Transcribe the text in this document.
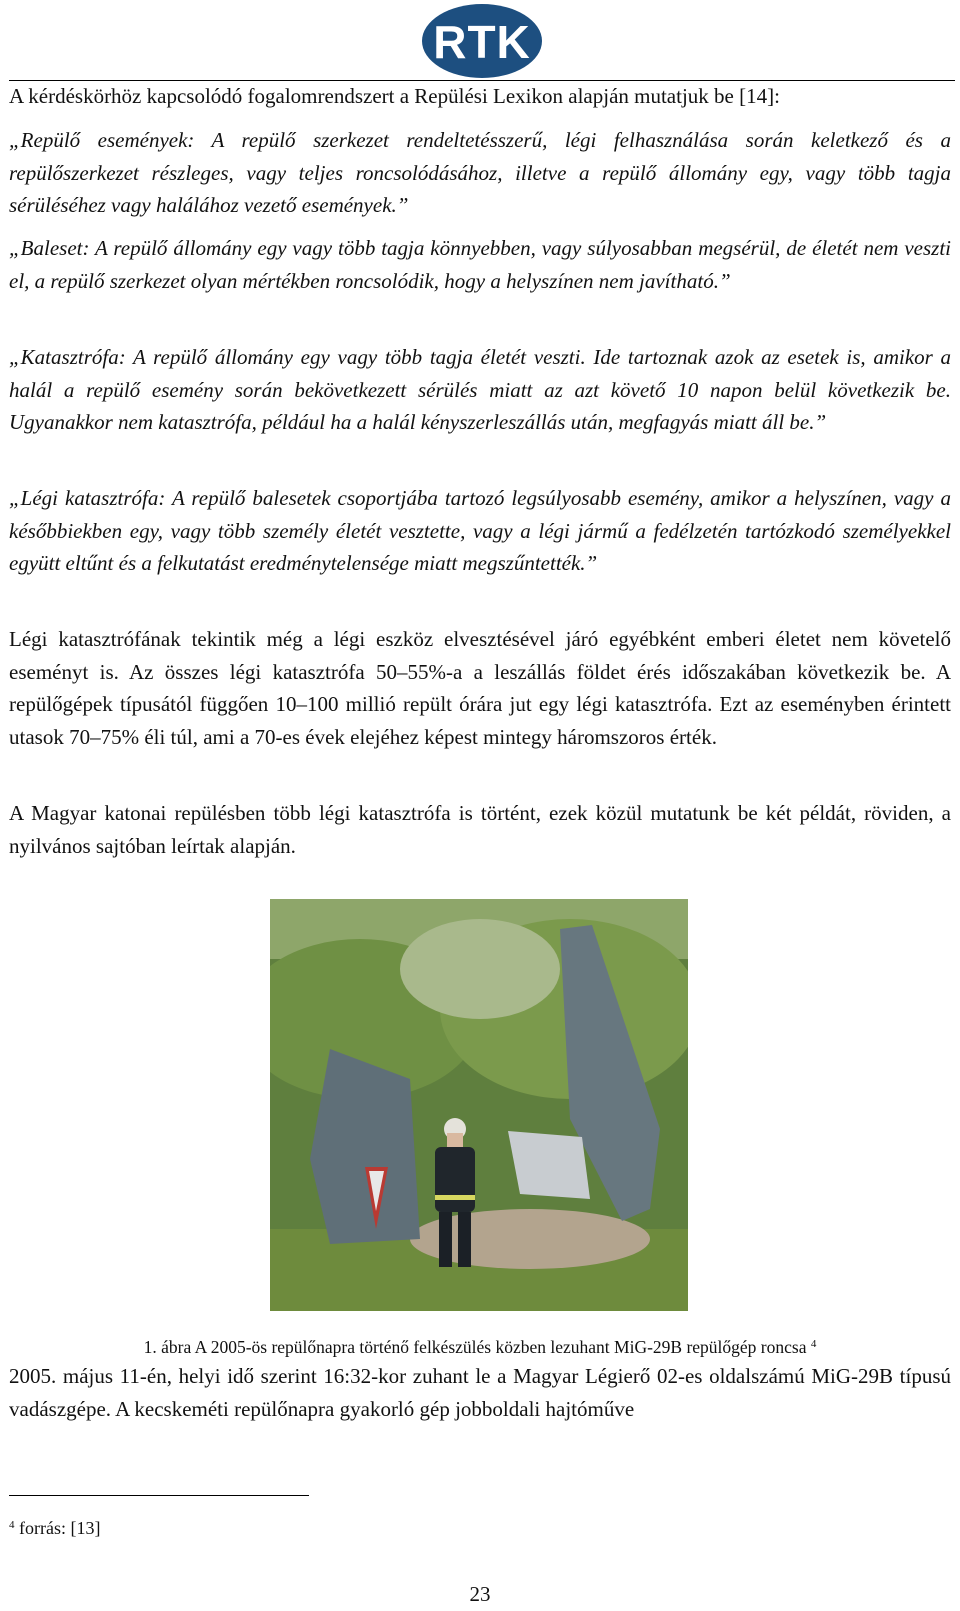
RTK

A kérdéskörhöz kapcsolódó fogalomrendszert a Repülési Lexikon alapján mutatjuk be [14]:

„Repülő események: A repülő szerkezet rendeltetésszerű, légi felhasználása során keletkező és a repülőszerkezet részleges, vagy teljes roncsolódásához, illetve a repülő állomány egy, vagy több tagja sérüléséhez vagy halálához vezető események.”

„Baleset: A repülő állomány egy vagy több tagja könnyebben, vagy súlyosabban megsérül, de életét nem veszti el, a repülő szerkezet olyan mértékben roncsolódik, hogy a helyszínen nem javítható.”

„Katasztrófa: A repülő állomány egy vagy több tagja életét veszti. Ide tartoznak azok az esetek is, amikor a halál a repülő esemény során bekövetkezett sérülés miatt az azt követő 10 napon belül következik be. Ugyanakkor nem katasztrófa, például ha a halál kényszerleszállás után, megfagyás miatt áll be.”

„Légi katasztrófa: A repülő balesetek csoportjába tartozó legsúlyosabb esemény, amikor a helyszínen, vagy a későbbiekben egy, vagy több személy életét vesztette, vagy a légi jármű a fedélzetén tartózkodó személyekkel együtt eltűnt és a felkutatást eredménytelensége miatt megszűntették.”

Légi katasztrófának tekintik még a légi eszköz elvesztésével járó egyébként emberi életet nem követelő eseményt is. Az összes légi katasztrófa 50–55%-a a leszállás földet érés időszakában következik be. A repülőgépek típusától függően 10–100 millió repült órára jut egy légi katasztrófa. Ezt az eseményben érintett utasok 70–75% éli túl, ami a 70-es évek elejéhez képest mintegy háromszoros érték.

A Magyar katonai repülésben több légi katasztrófa is történt, ezek közül mutatunk be két példát, röviden, a nyilvános sajtóban leírtak alapján.

1. ábra A 2005-ös repülőnapra történő felkészülés közben lezuhant MiG-29B repülőgép roncsa $^4$

2005. május 11-én, helyi idő szerint 16:32-kor zuhant le a Magyar Légierő 02-es oldalszámú MiG-29B típusú vadászgépe. A kecskeméti repülőnapra gyakorló gép jobboldali hajtóműve

$^4$ forrás: [13]

23
